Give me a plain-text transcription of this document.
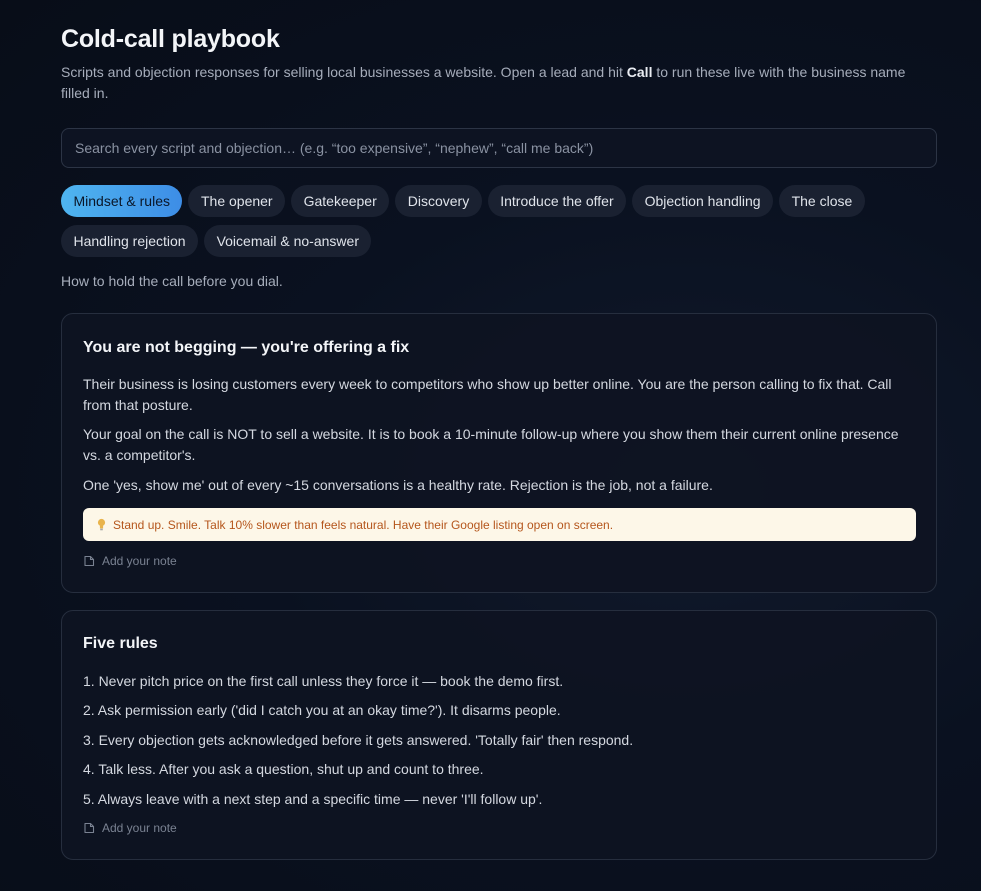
Cold-call playbook
Scripts and objection responses for selling local businesses a website. Open a lead and hit Call to run these live with the business name filled in.
Search every script and objection… (e.g. “too expensive”, “nephew”, “call me back”)
Mindset & rules	The opener	Gatekeeper	Discovery	Introduce the offer	Objection handling	The close
Handling rejection	Voicemail & no-answer
How to hold the call before you dial.
You are not begging — you're offering a fix
Their business is losing customers every week to competitors who show up better online. You are the person calling to fix that. Call from that posture.
Your goal on the call is NOT to sell a website. It is to book a 10-minute follow-up where you show them their current online presence vs. a competitor's.
One 'yes, show me' out of every ~15 conversations is a healthy rate. Rejection is the job, not a failure.
Stand up. Smile. Talk 10% slower than feels natural. Have their Google listing open on screen.
Add your note
Five rules
1. Never pitch price on the first call unless they force it — book the demo first.
2. Ask permission early ('did I catch you at an okay time?'). It disarms people.
3. Every objection gets acknowledged before it gets answered. 'Totally fair' then respond.
4. Talk less. After you ask a question, shut up and count to three.
5. Always leave with a next step and a specific time — never 'I'll follow up'.
Add your note
